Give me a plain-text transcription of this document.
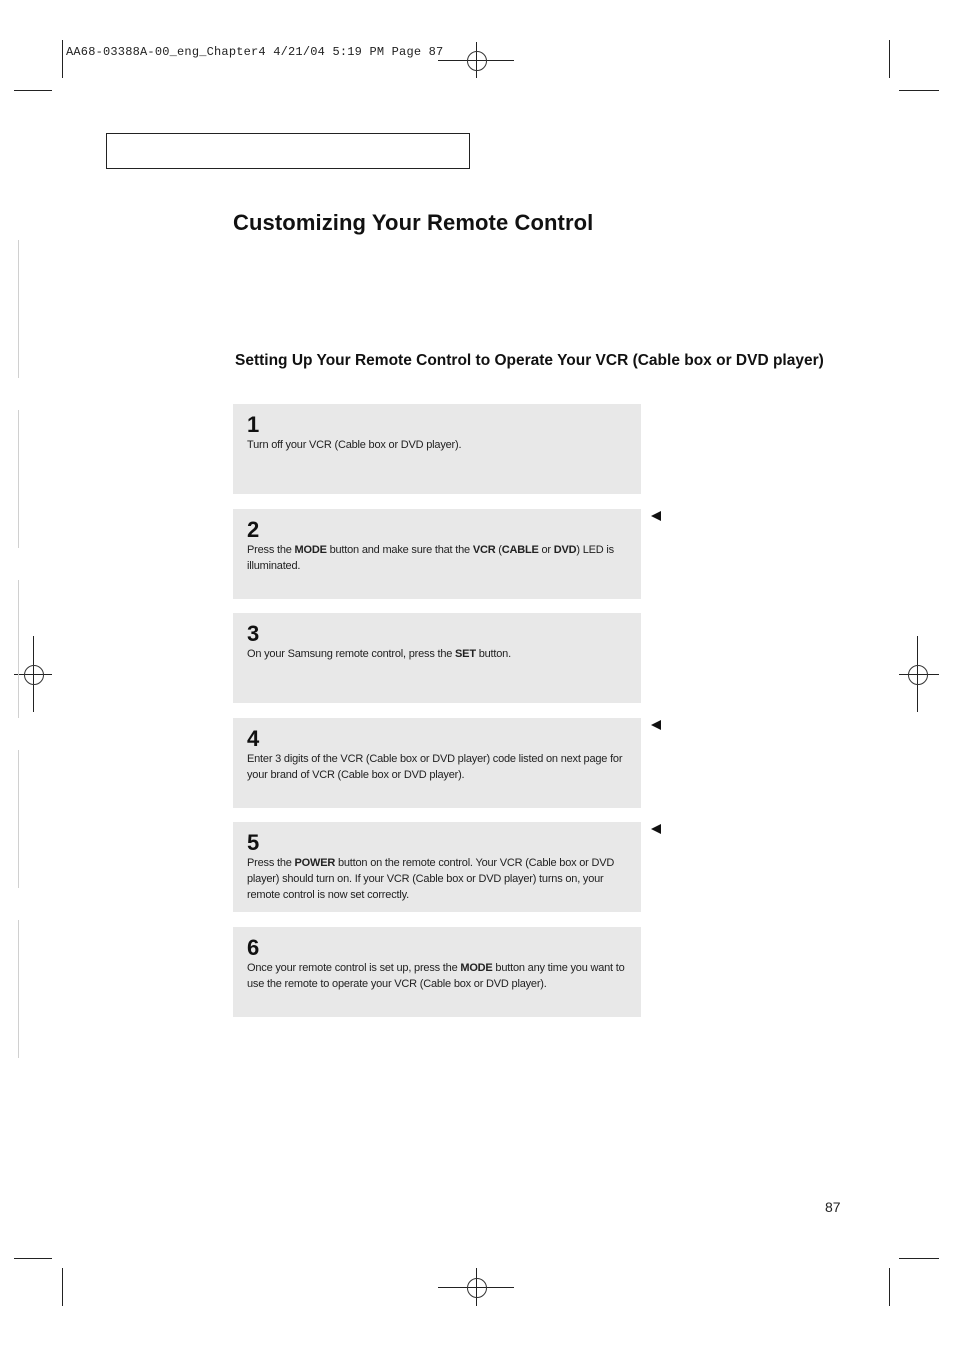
AA68-03388A-00_eng_Chapter4 4/21/04 5:19 PM Page 87
Customizing Your Remote Control
Setting Up Your Remote Control to Operate Your VCR (Cable box or DVD player)
1
Turn off your VCR (Cable box or DVD player).
2
Press the MODE button and make sure that the VCR (CABLE or DVD) LED is illuminated.
3
On your Samsung remote control, press the SET button.
4
Enter 3 digits of the VCR (Cable box or DVD player) code listed on next page for your brand of VCR (Cable box or DVD player).
5
Press the POWER button on the remote control. Your VCR (Cable box or DVD player) should turn on. If your VCR (Cable box or DVD player) turns on, your remote control is now set correctly.
6
Once your remote control is set up, press the MODE button any time you want to use the remote to operate your VCR (Cable box or DVD player).
87
